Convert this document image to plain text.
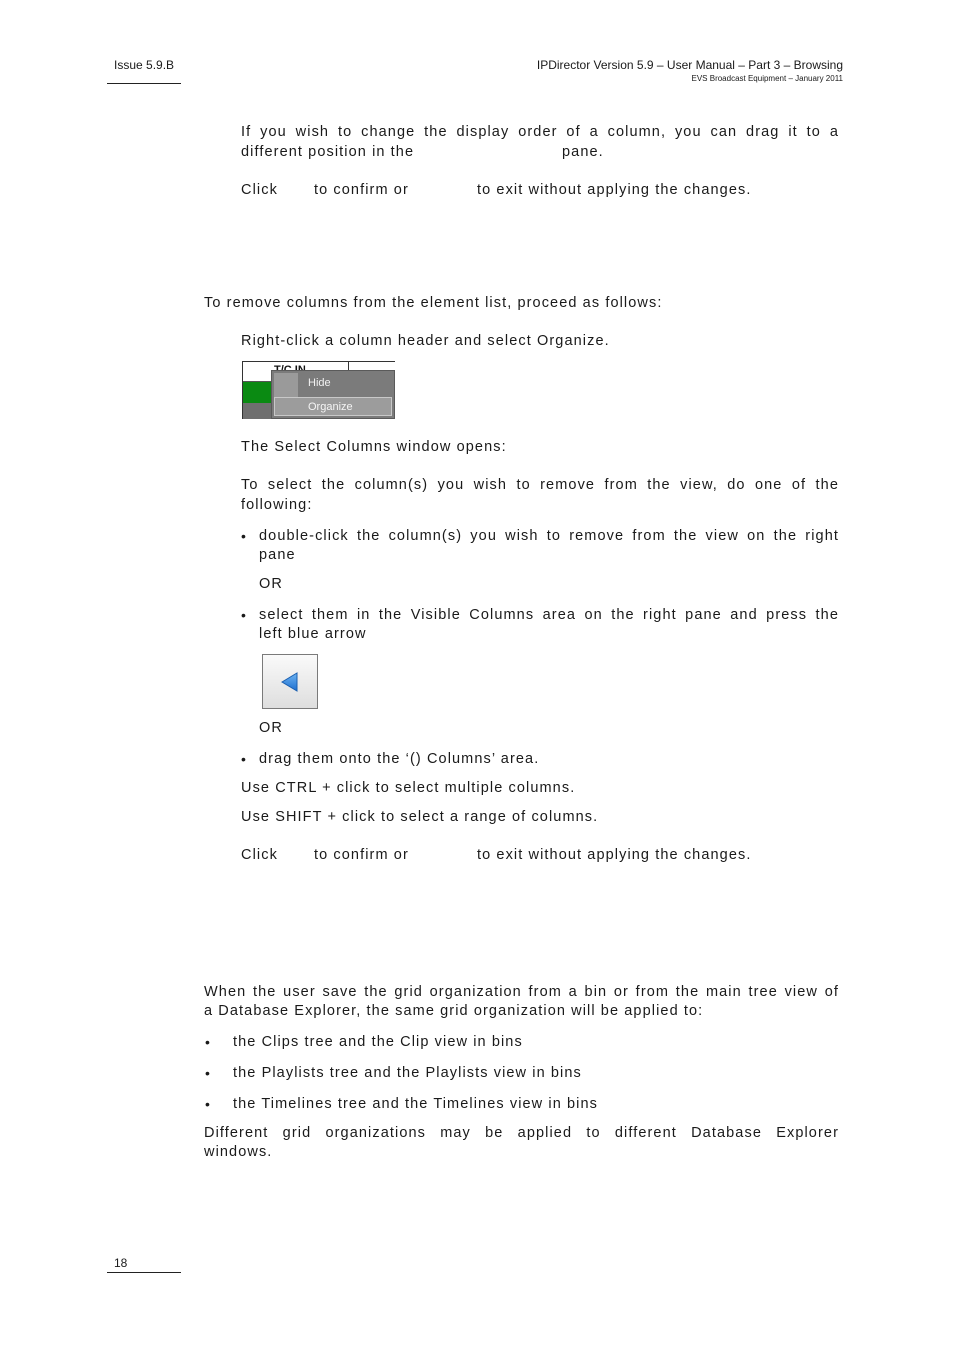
Issue 5.9.B	IPDirector Version 5.9 – User Manual – Part 3 – Browsing
EVS Broadcast Equipment – January 2011
If you wish to change the display order of a column, you can drag it to a
different position in the	pane.
Click to confirm or	to exit without applying the changes.
To remove columns from the element list, proceed as follows:
Right-click a column header and select Organize.
Hide
Organize
The Select Columns window opens:
To select the column(s) you wish to remove from the view, do one of the
following:
• double-click the column(s) you wish to remove from the view on the right
pane
OR
• select them in the Visible Columns area on the right pane and press the
left blue arrow
OR
• drag them onto the ‘() Columns’ area.
Use CTRL + click to select multiple columns.
Use SHIFT + click to select a range of columns.
Click to confirm or	to exit without applying the changes.
When the user save the grid organization from a bin or from the main tree view of
a Database Explorer, the same grid organization will be applied to:
• the Clips tree and the Clip view in bins
• the Playlists tree and the Playlists view in bins
• the Timelines tree and the Timelines view in bins
Different grid organizations may be applied to different Database Explorer
windows.
18
